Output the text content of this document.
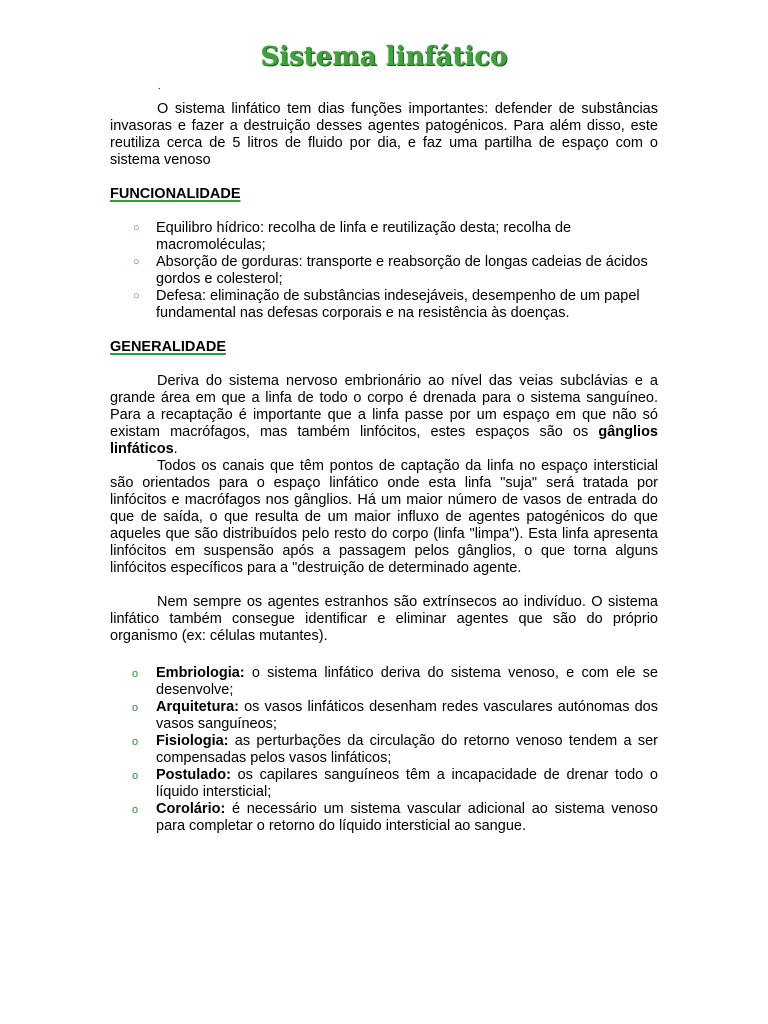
Sistema linfático
.

O sistema linfático tem dias funções importantes: defender de substâncias invasoras e fazer a destruição desses agentes patogénicos. Para além disso, este reutiliza cerca de 5 litros de fluido por dia, e faz uma partilha de espaço com o sistema venoso

FUNCIONALIDADE
○ Equilibro hídrico: recolha de linfa e reutilização desta; recolha de macromoléculas;
○ Absorção de gorduras: transporte e reabsorção de longas cadeias de ácidos gordos e colesterol;
○ Defesa: eliminação de substâncias indesejáveis, desempenho de um papel fundamental nas defesas corporais e na resistência às doenças.
GENERALIDADE

Deriva do sistema nervoso embrionário ao nível das veias subclávias e a grande área em que a linfa de todo o corpo é drenada para o sistema sanguíneo. Para a recaptação é importante que a linfa passe por um espaço em que não só existam macrófagos, mas também linfócitos, estes espaços são os gânglios linfáticos.

Todos os canais que têm pontos de captação da linfa no espaço intersticial são orientados para o espaço linfático onde esta linfa "suja" será tratada por linfócitos e macrófagos nos gânglios. Há um maior número de vasos de entrada do que de saída, o que resulta de um maior influxo de agentes patogénicos do que aqueles que são distribuídos pelo resto do corpo (linfa "limpa"). Esta linfa apresenta linfócitos em suspensão após a passagem pelos gânglios, o que torna alguns linfócitos específicos para a "destruição de determinado agente.

Nem sempre os agentes estranhos são extrínsecos ao indivíduo. O sistema linfático também consegue identificar e eliminar agentes que são do próprio organismo (ex: células mutantes).

o Embriologia: o sistema linfático deriva do sistema venoso, e com ele se desenvolve;
o Arquitetura: os vasos linfáticos desenham redes vasculares autónomas dos vasos sanguíneos;
o Fisiologia: as perturbações da circulação do retorno venoso tendem a ser compensadas pelos vasos linfáticos;
o Postulado: os capilares sanguíneos têm a incapacidade de drenar todo o líquido intersticial;
o Corolário: é necessário um sistema vascular adicional ao sistema venoso para completar o retorno do líquido intersticial ao sangue.
